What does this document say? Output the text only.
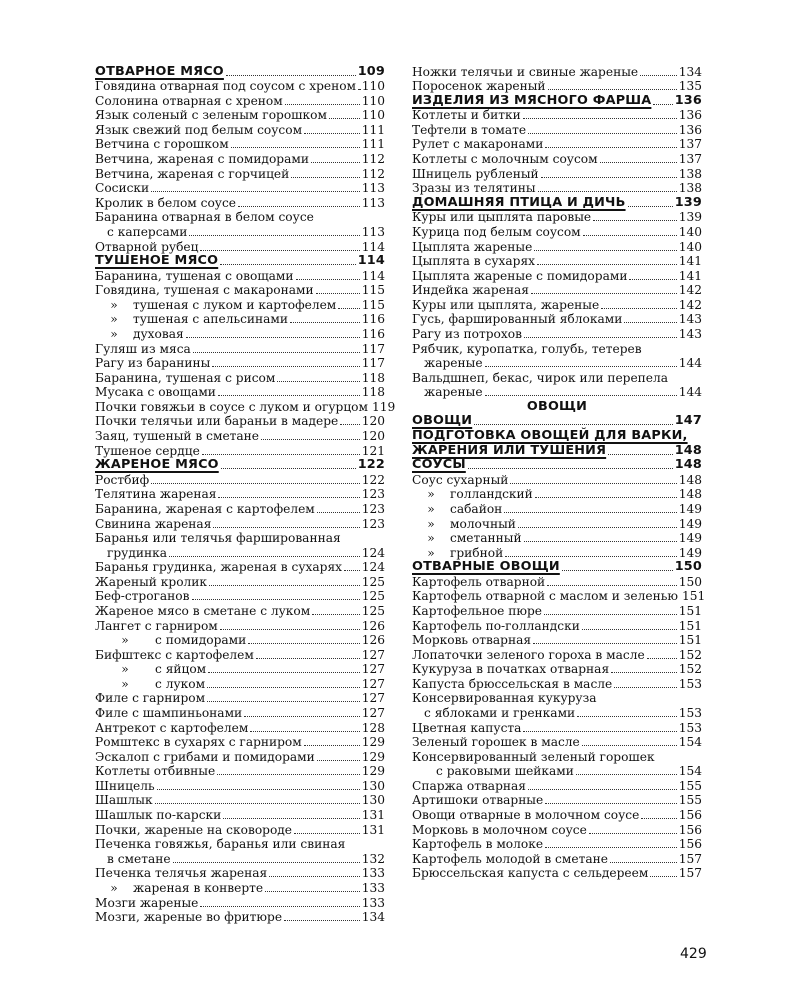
ОТВАРНОЕ МЯСО	109
Говядина отварная под соусом с хреном 110
Солонина отварная с хреном	110
Язык соленый с зеленым горошком	110
Язык свежий под белым соусом	111
Ветчина с горошком	111
Ветчина, жареная с помидорами	112
Ветчина, жареная с горчицей	112
Сосиски	113
Кролик в белом соусе	113
Баранина отварная в белом соусе
с каперсами	113
Отварной рубец	114
ТУШЕНОЕ МЯСО	114
Баранина, тушеная с овощами	114
Говядина, тушеная с макаронами	115
» тушеная с луком и картофелем 115
» тушеная с апельсинами	116
» духовая	116
Гуляш из мяса	117
Рагу из баранины	117
Баранина, тушеная с рисом	118
Мусака с овощами	118
Почки говяжьи в соусе с луком и огурцом 119
Почки телячьи или бараньи в мадере 120
Заяц, тушеный в сметане	120
Тушеное сердце	121
ЖАРЕНОЕ МЯСО	122
Ростбиф	122
Телятина жареная	123
Баранина, жареная с картофелем	123
Свинина жареная	123
Баранья или телячья фаршированная
грудинка	124
Баранья грудинка, жареная в сухарях 124
Жареный кролик	125
Беф-строганов	125
Жареное мясо в сметане с луком	125
Лангет с гарниром	126
» с помидорами	126
Бифштекс с картофелем	127
» с яйцом	127
» с луком	127
Филе с гарниром	127
Филе с шампиньонами	127
Антрекот с картофелем	128
Ромштекс в сухарях с гарниром	129
Эскалоп с грибами и помидорами	129
Котлеты отбивные	129
Шницель	130
Шашлык	130
Шашлык по-карски	131
Почки, жареные на сковороде	131
Печенка говяжья, баранья или свиная
в сметане	132
Печенка телячья жареная	133
» жареная в конверте	133
Мозги жареные	133
Мозги, жареные во фритюре	134
Ножки телячьи и свиные жареные	134
Поросенок жареный	135
ИЗДЕЛИЯ ИЗ МЯСНОГО ФАРША 136
Котлеты и битки	136
Тефтели в томате	136
Рулет с макаронами	137
Котлеты с молочным соусом	137
Шницель рубленый	138
Зразы из телятины	138
ДОМАШНЯЯ ПТИЦА И ДИЧЬ	139
Куры или цыплята паровые	139
Курица под белым соусом	140
Цыплята жареные	140
Цыплята в сухарях	141
Цыплята жареные с помидорами	141
Индейка жареная	142
Куры или цыплята, жареные	142
Гусь, фаршированный яблоками	143
Рагу из потрохов	143
Рябчик, куропатка, голубь, тетерев
жареные	144
Вальдшнеп, бекас, чирок или перепела
жареные	144
ОВОЩИ
ОВОЩИ	147
ПОДГОТОВКА ОВОЩЕЙ ДЛЯ ВАРКИ,
ЖАРЕНИЯ ИЛИ ТУШЕНИЯ	148
СОУСЫ	148
Соус сухарный	148
» голландский	148
» сабайон	149
» молочный	149
» сметанный	149
» грибной	149
ОТВАРНЫЕ ОВОЩИ	150
Картофель отварной	150
Картофель отварной с маслом и зеленью 151
Картофельное пюре	151
Картофель по-голландски	151
Морковь отварная	151
Лопаточки зеленого гороха в масле	152
Кукуруза в початках отварная	152
Капуста брюссельская в масле	153
Консервированная кукуруза
с яблоками и гренками	153
Цветная капуста	153
Зеленый горошек в масле	154
Консервированный зеленый горошек
с раковыми шейками	154
Спаржа отварная	155
Артишоки отварные	155
Овощи отварные в молочном соусе	156
Морковь в молочном соусе	156
Картофель в молоке	156
Картофель молодой в сметане	157
Брюссельская капуста с сельдереем 157
429
